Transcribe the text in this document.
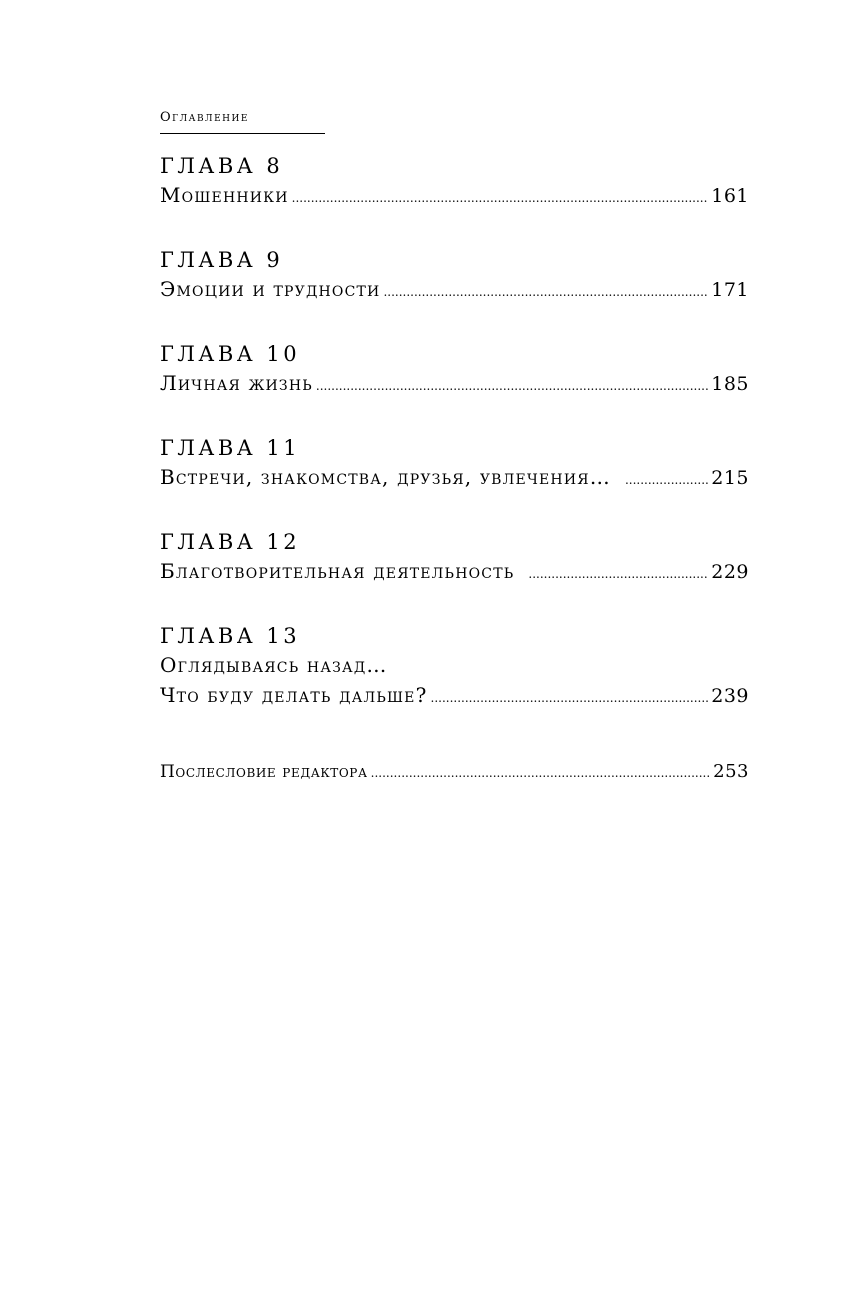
Оглавление
ГЛАВА 8
Мошенники .....	161
ГЛАВА 9
Эмоции и трудности .....	171
ГЛАВА 10
Личная жизнь .....	185
ГЛАВА 11
Встречи, знакомства, друзья, увлечения… .....	215
ГЛАВА 12
Благотворительная деятельность .....	229
ГЛАВА 13
Оглядываясь назад…
Что буду делать дальше? .....	239
Послесловие редактора .....	253
